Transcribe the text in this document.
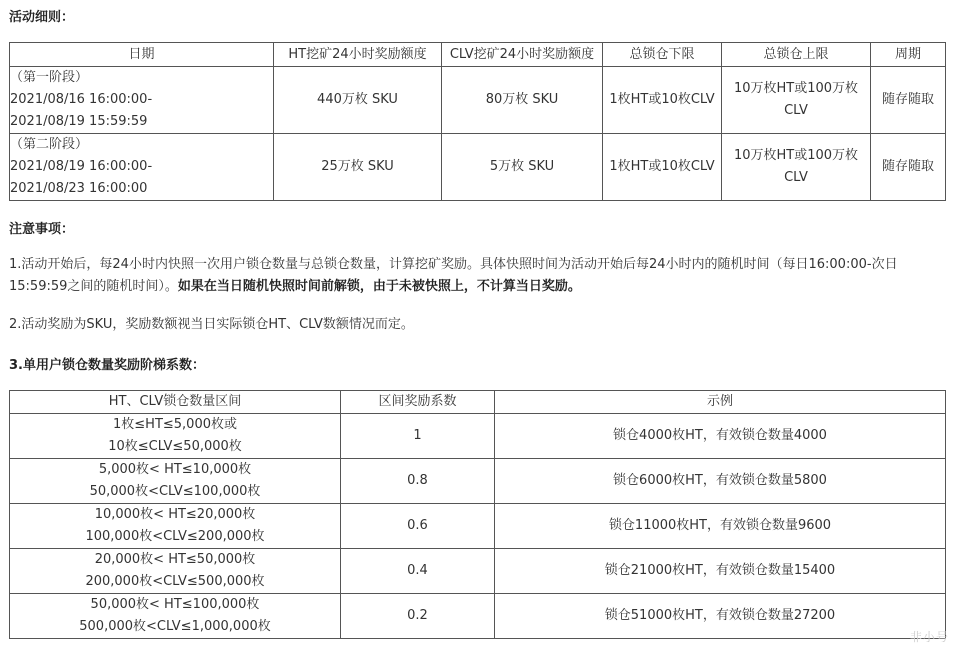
活动细则：
日期	HT挖矿24小时奖励额度	CLV挖矿24小时奖励额度	总锁仓下限	总锁仓上限	周期

（第一阶段）
2021/08/16 16:00:00-
2021/08/19 15:59:59	440万枚 SKU	80万枚 SKU	1枚HT或10枚CLV	10万枚HT或100万枚
CLV	随存随取

（第二阶段）
2021/08/19 16:00:00-
2021/08/23 16:00:00	25万枚 SKU	5万枚 SKU	1枚HT或10枚CLV	10万枚HT或100万枚
CLV	随存随取
注意事项：
1.活动开始后，每24小时内快照一次用户锁仓数量与总锁仓数量，计算挖矿奖励。具体快照时间为活动开始后每24小时内的随机时间（每日16:00:00-次日15:59:59之间的随机时间）。如果在当日随机快照时间前解锁，由于未被快照上，不计算当日奖励。
2.活动奖励为SKU，奖励数额视当日实际锁仓HT、CLV数额情况而定。
3.单用户锁仓数量奖励阶梯系数：
HT、CLV锁仓数量区间	区间奖励系数	示例

1枚≤HT≤5,000枚或
10枚≤CLV≤50,000枚	1	锁仓4000枚HT，有效锁仓数量4000

5,000枚< HT≤10,000枚
50,000枚<CLV≤100,000枚	0.8	锁仓6000枚HT，有效锁仓数量5800

10,000枚< HT≤20,000枚
100,000枚<CLV≤200,000枚	0.6	锁仓11000枚HT，有效锁仓数量9600

20,000枚< HT≤50,000枚
200,000枚<CLV≤500,000枚	0.4	锁仓21000枚HT，有效锁仓数量15400

50,000枚< HT≤100,000枚
500,000枚<CLV≤1,000,000枚	0.2	锁仓51000枚HT，有效锁仓数量27200
非小号
